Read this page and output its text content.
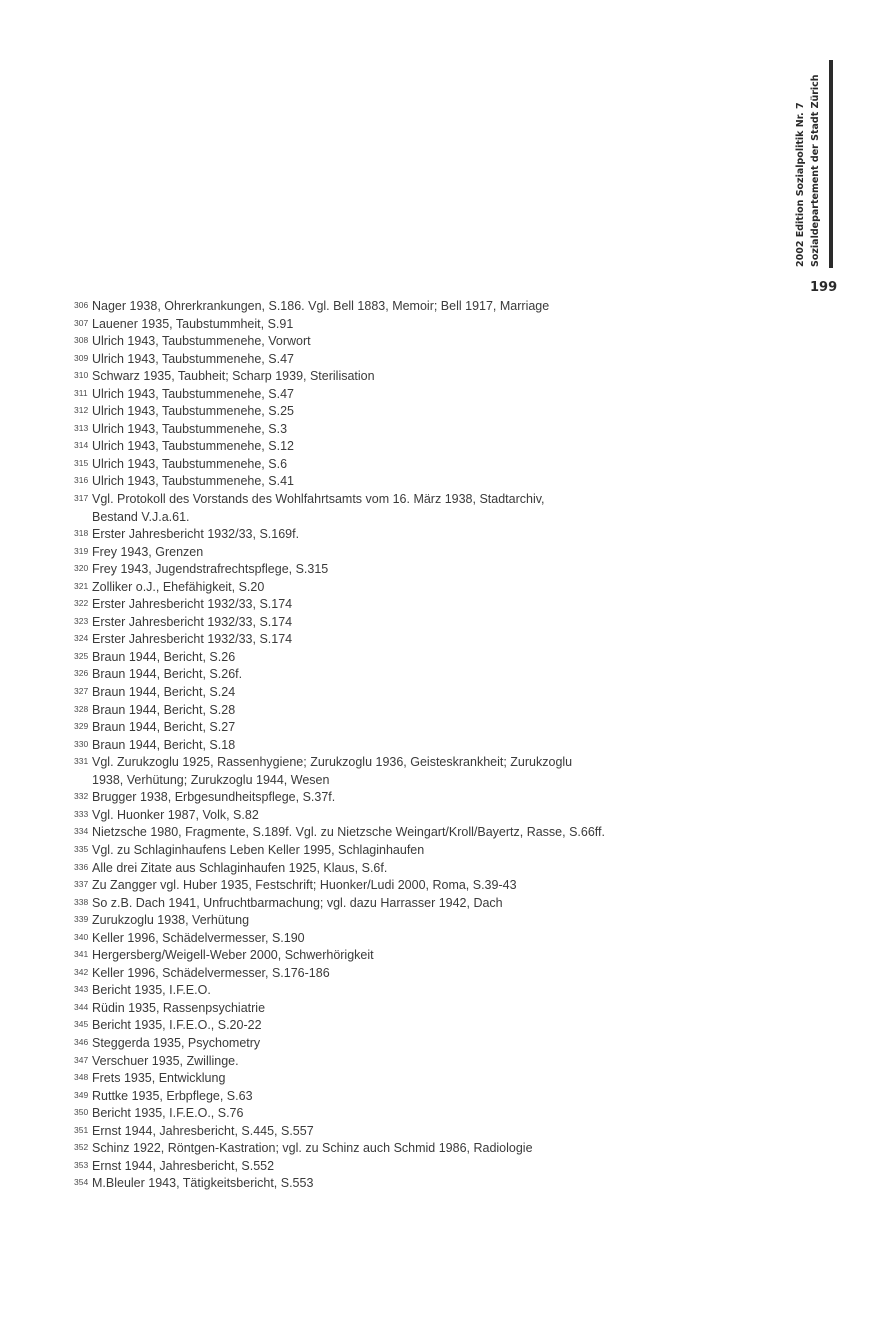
2002 Edition Sozialpolitik Nr. 7 Sozialdepartement der Stadt Zürich
199
306 Nager 1938, Ohrerkrankungen, S.186. Vgl. Bell 1883, Memoir; Bell 1917, Marriage
307 Lauener 1935, Taubstummheit, S.91
308 Ulrich 1943, Taubstummenehe, Vorwort
309 Ulrich 1943, Taubstummenehe, S.47
310 Schwarz 1935, Taubheit; Scharp 1939, Sterilisation
311 Ulrich 1943, Taubstummenehe, S.47
312 Ulrich 1943, Taubstummenehe, S.25
313 Ulrich 1943, Taubstummenehe, S.3
314 Ulrich 1943, Taubstummenehe, S.12
315 Ulrich 1943, Taubstummenehe, S.6
316 Ulrich 1943, Taubstummenehe, S.41
317 Vgl. Protokoll des Vorstands des Wohlfahrtsamts vom 16. März 1938, Stadtarchiv,
Bestand V.J.a.61.
318 Erster Jahresbericht 1932/33, S.169f.
319 Frey 1943, Grenzen
320 Frey 1943, Jugendstrafrechtspflege, S.315
321 Zolliker o.J., Ehefähigkeit, S.20
322 Erster Jahresbericht 1932/33, S.174
323 Erster Jahresbericht 1932/33, S.174
324 Erster Jahresbericht 1932/33, S.174
325 Braun 1944, Bericht, S.26
326 Braun 1944, Bericht, S.26f.
327 Braun 1944, Bericht, S.24
328 Braun 1944, Bericht, S.28
329 Braun 1944, Bericht, S.27
330 Braun 1944, Bericht, S.18
331 Vgl. Zurukzoglu 1925, Rassenhygiene; Zurukzoglu 1936, Geisteskrankheit; Zurukzoglu
1938, Verhütung; Zurukzoglu 1944, Wesen
332 Brugger 1938, Erbgesundheitspflege, S.37f.
333 Vgl. Huonker 1987, Volk, S.82
334 Nietzsche 1980, Fragmente, S.189f. Vgl. zu Nietzsche Weingart/Kroll/Bayertz, Rasse, S.66ff.
335 Vgl. zu Schlaginhaufens Leben Keller 1995, Schlaginhaufen
336 Alle drei Zitate aus Schlaginhaufen 1925, Klaus, S.6f.
337 Zu Zangger vgl. Huber 1935, Festschrift; Huonker/Ludi 2000, Roma, S.39-43
338 So z.B. Dach 1941, Unfruchtbarmachung; vgl. dazu Harrasser 1942, Dach
339 Zurukzoglu 1938, Verhütung
340 Keller 1996, Schädelvermesser, S.190
341 Hergersberg/Weigell-Weber 2000, Schwerhörigkeit
342 Keller 1996, Schädelvermesser, S.176-186
343 Bericht 1935, I.F.E.O.
344 Rüdin 1935, Rassenpsychiatrie
345 Bericht 1935, I.F.E.O., S.20-22
346 Steggerda 1935, Psychometry
347 Verschuer 1935, Zwillinge.
348 Frets 1935, Entwicklung
349 Ruttke 1935, Erbpflege, S.63
350 Bericht 1935, I.F.E.O., S.76
351 Ernst 1944, Jahresbericht, S.445, S.557
352 Schinz 1922, Röntgen-Kastration; vgl. zu Schinz auch Schmid 1986, Radiologie
353 Ernst 1944, Jahresbericht, S.552
354 M.Bleuler 1943, Tätigkeitsbericht, S.553
